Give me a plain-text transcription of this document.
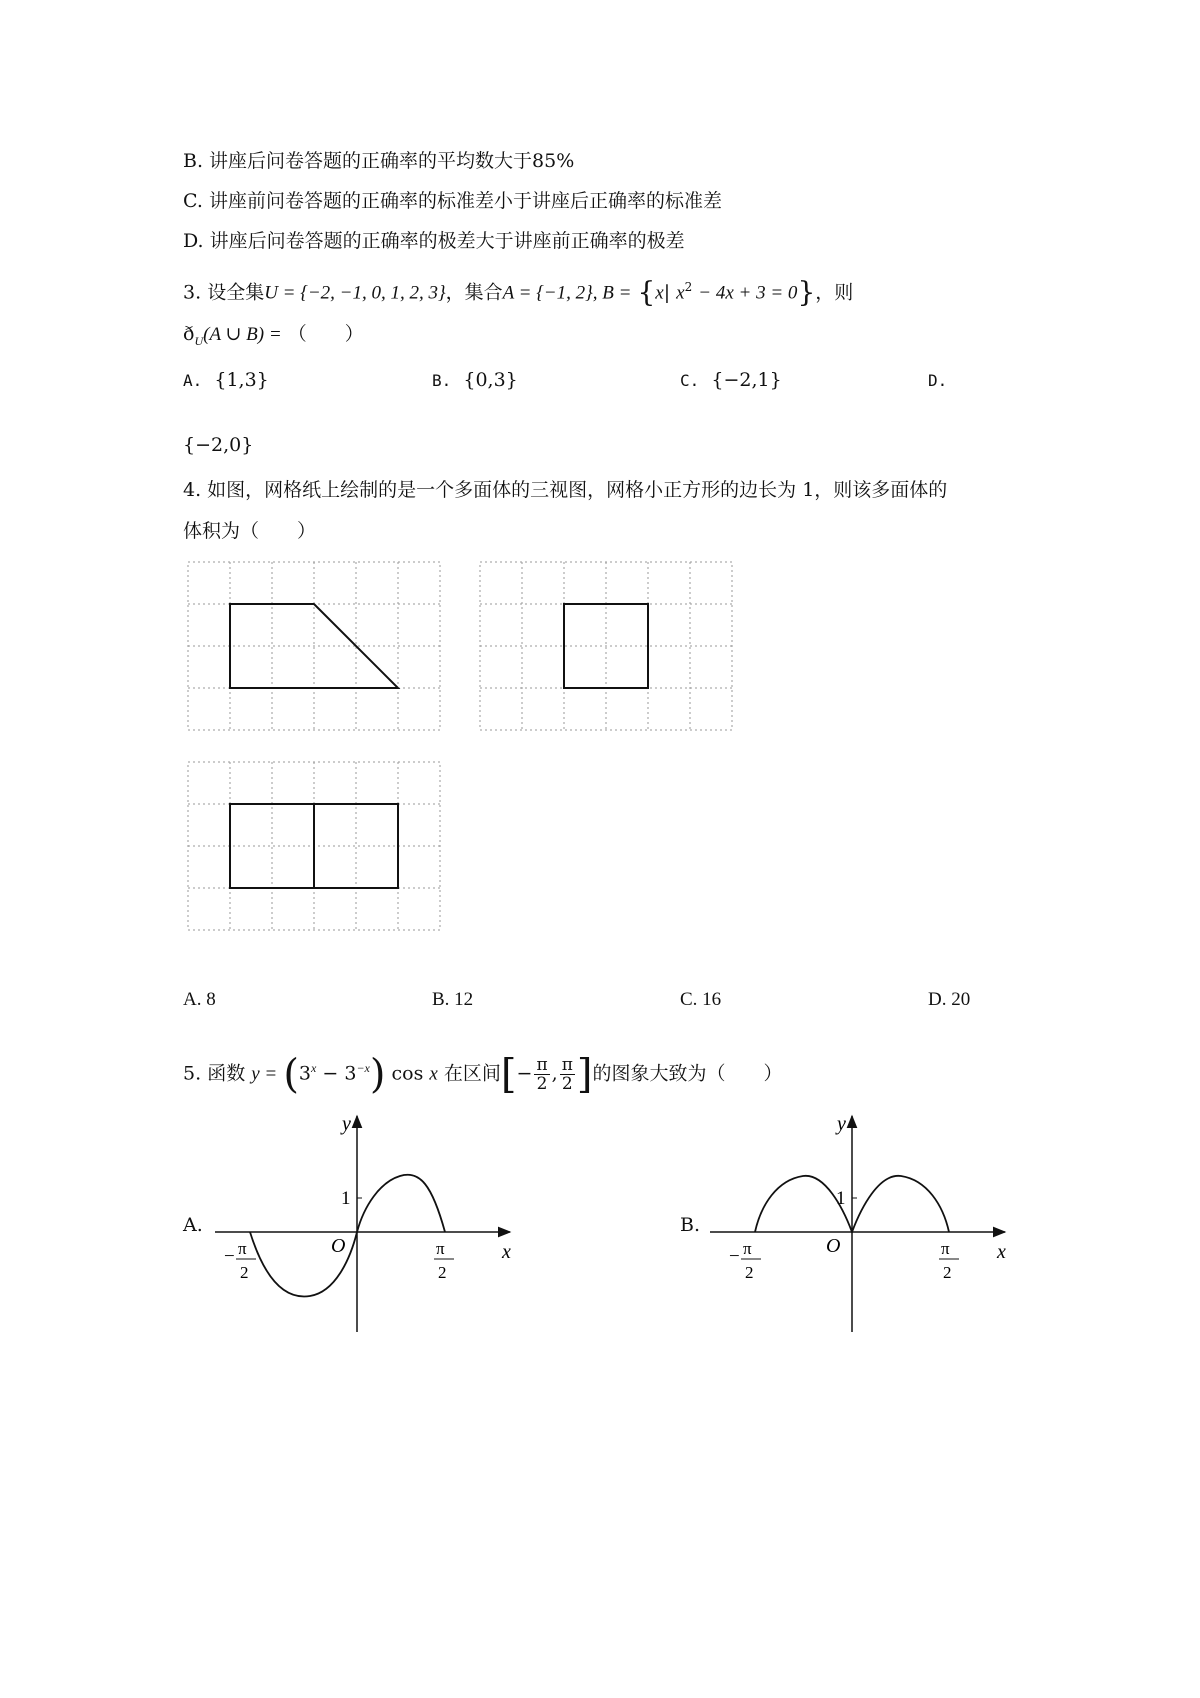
B. 讲座后问卷答题的正确率的平均数大于85%
C. 讲座前问卷答题的正确率的标准差小于讲座后正确率的标准差
D. 讲座后问卷答题的正确率的极差大于讲座前正确率的极差
3. 设全集U = {−2, −1, 0, 1, 2, 3}，集合A = {−1, 2}, B = {x| $x^2 - 4x + 3 = 0$}，则
$ð_U(A$ ∪ B) = （　　）
A. {1,3}	B. {0,3}	C. {−2,1}	D.
{−2,0}
4. 如图，网格纸上绘制的是一个多面体的三视图，网格小正方形的边长为 1，则该多面体的
体积为（　　）
A. 8	B. 12	C. 16	D. 20
5. 函数 $y = (3^x - 3^{-x})$ cos x 在区间[− $\frac{\pi}{2}$ , $\frac{\pi}{2}$ ]的图象大致为（　　）
A.
y
x
O
1
− π
2
π
2
B.
y
x
O
1
− π
2
π
2
